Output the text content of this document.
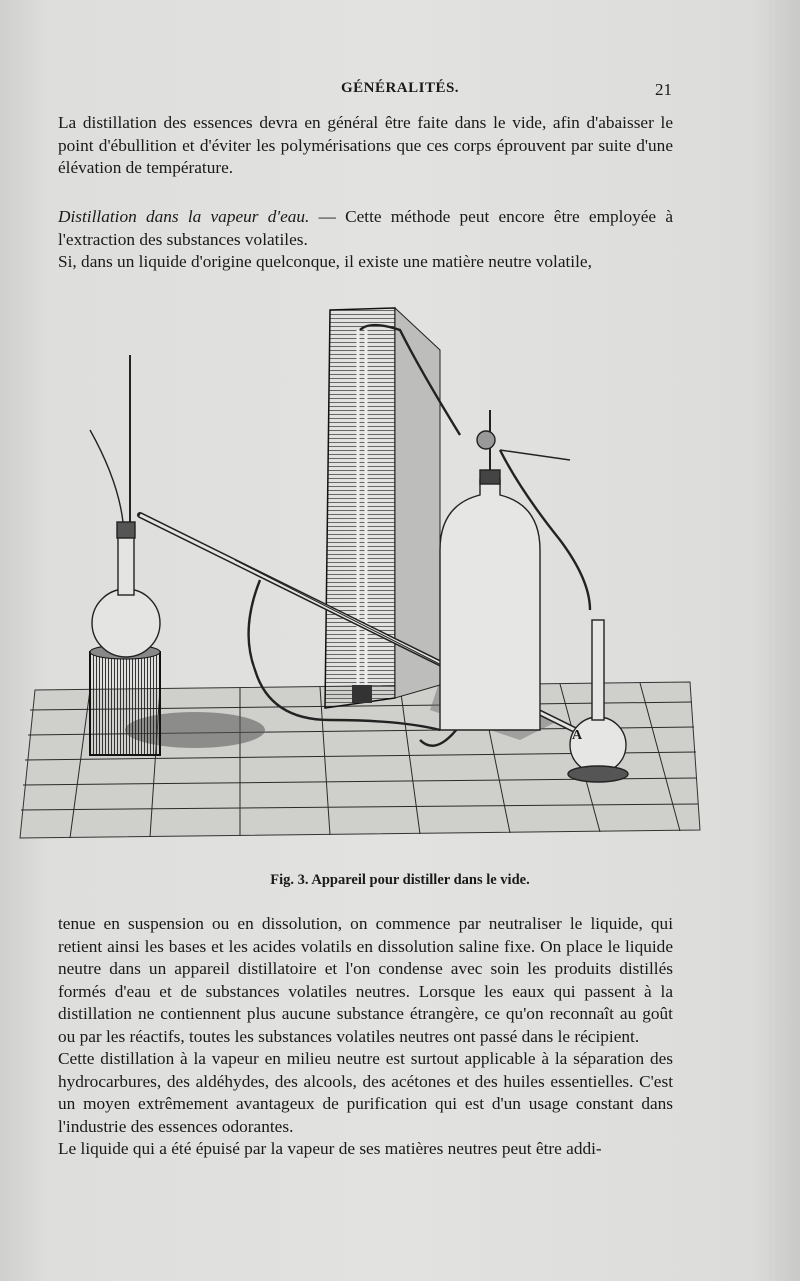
GÉNÉRALITÉS.	21

La distillation des essences devra en général être faite dans le vide, afin d'abaisser le point d'ébullition et d'éviter les polymérisations que ces corps éprouvent par suite d'une élévation de température.

Distillation dans la vapeur d'eau. — Cette méthode peut encore être employée à l'extraction des substances volatiles.

Si, dans un liquide d'origine quelconque, il existe une matière neutre volatile,

A
Fig. 3. Appareil pour distiller dans le vide.

tenue en suspension ou en dissolution, on commence par neutraliser le liquide, qui retient ainsi les bases et les acides volatils en dissolution saline fixe. On place le liquide neutre dans un appareil distillatoire et l'on condense avec soin les produits distillés formés d'eau et de substances volatiles neutres. Lorsque les eaux qui passent à la distillation ne contiennent plus aucune substance étrangère, ce qu'on reconnaît au goût ou par les réactifs, toutes les substances volatiles neutres ont passé dans le récipient.

Cette distillation à la vapeur en milieu neutre est surtout applicable à la séparation des hydrocarbures, des aldéhydes, des alcools, des acétones et des huiles essentielles. C'est un moyen extrêmement avantageux de purification qui est d'un usage constant dans l'industrie des essences odorantes.

Le liquide qui a été épuisé par la vapeur de ses matières neutres peut être addi-
